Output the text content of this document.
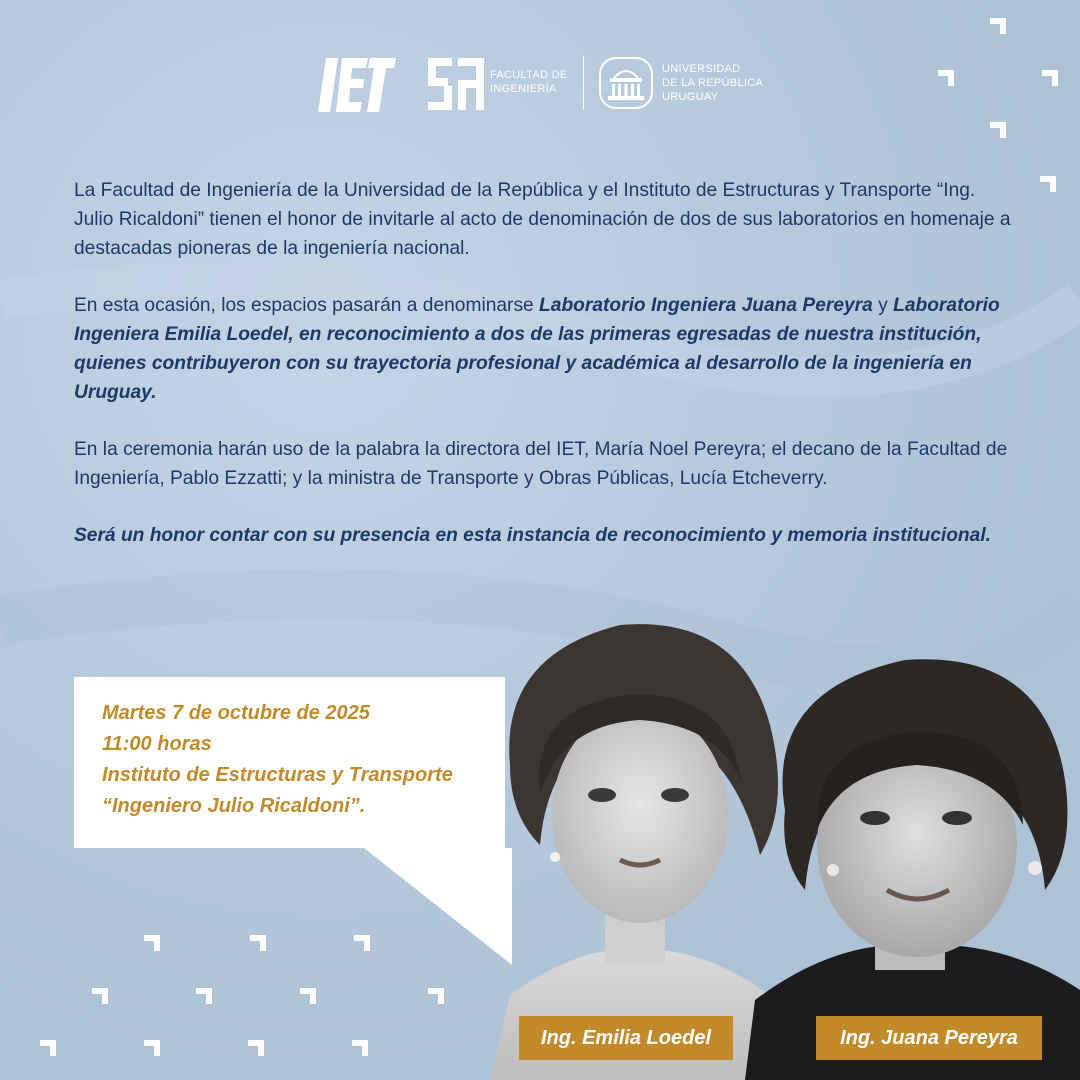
FACULTAD DE
INGENIERÍA
UNIVERSIDAD
DE LA REPÚBLICA
URUGUAY

La Facultad de Ingeniería de la Universidad de la República y el Instituto de Estructuras y Transporte “Ing. Julio Ricaldoni” tienen el honor de invitarle al acto de denominación de dos de sus laboratorios en homenaje a destacadas pioneras de la ingeniería nacional.

En esta ocasión, los espacios pasarán a denominarse Laboratorio Ingeniera Juana Pereyra y Laboratorio Ingeniera Emilia Loedel, en reconocimiento a dos de las primeras egresadas de nuestra institución, quienes contribuyeron con su trayectoria profesional y académica al desarrollo de la ingeniería en Uruguay.

En la ceremonia harán uso de la palabra la directora del IET, María Noel Pereyra; el decano de la Facultad de Ingeniería, Pablo Ezzatti; y la ministra de Transporte y Obras Públicas, Lucía Etcheverry.

Será un honor contar con su presencia en esta instancia de reconocimiento y memoria institucional.

Martes 7 de octubre de 2025
11:00 horas
Instituto de Estructuras y Transporte
“Ingeniero Julio Ricaldoni”.
Ing. Emilia Loedel	Ing. Juana Pereyra
